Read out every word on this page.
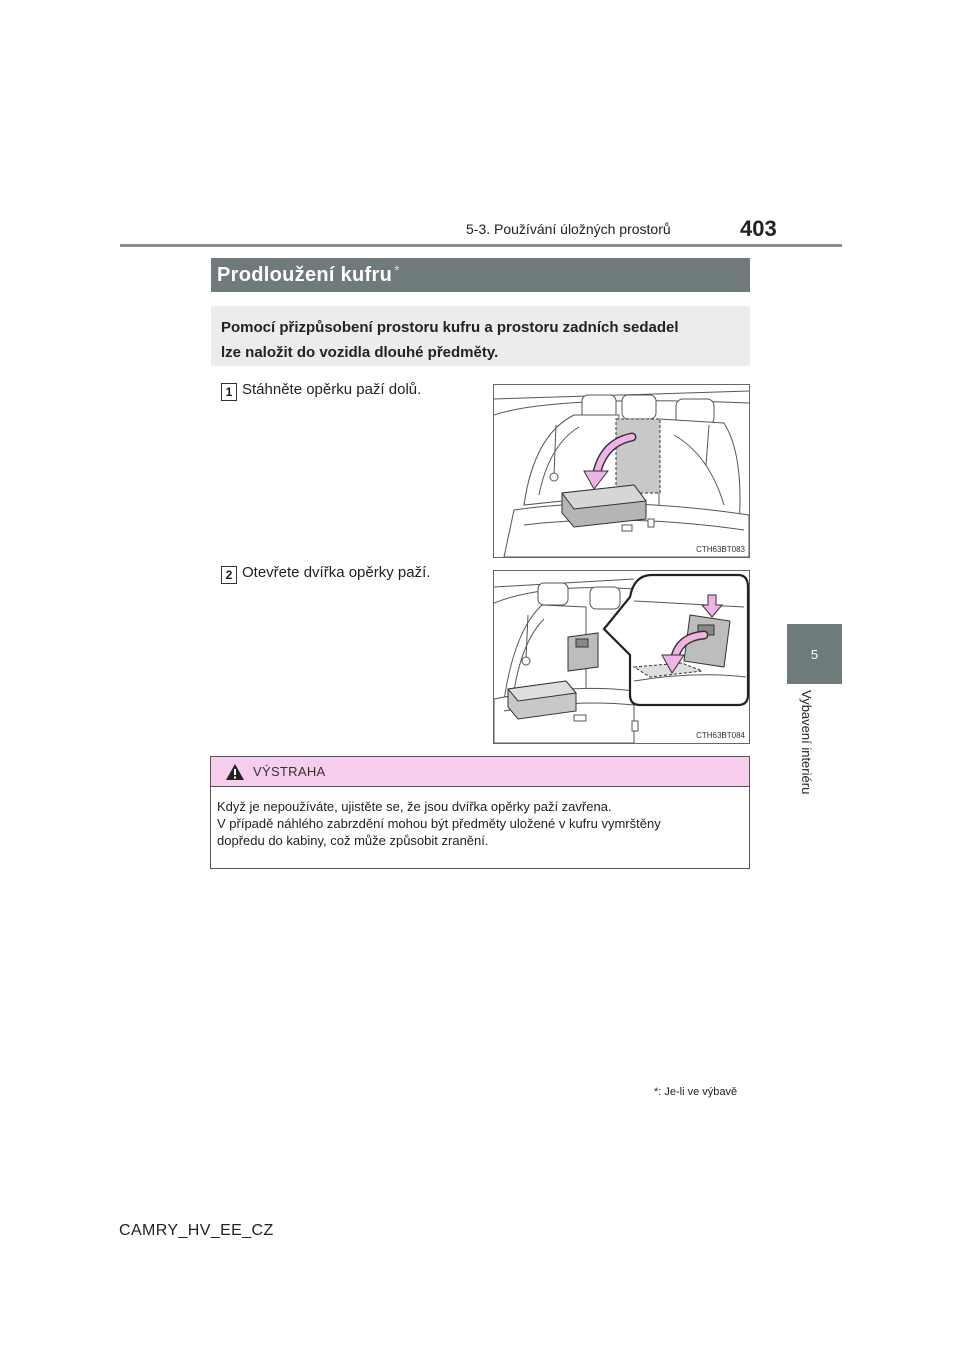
5-3. Používání úložných prostorů	403
5
Vybavení interiéru
Prodloužení kufru *
Pomocí přizpůsobení prostoru kufru a prostoru zadních sedadel
lze naložit do vozidla dlouhé předměty.
1 Stáhněte opěrku paží dolů.
CTH63BT083
2 Otevřete dvířka opěrky paží.
CTH63BT084
VÝSTRAHA
Když je nepoužíváte, ujistěte se, že jsou dvířka opěrky paží zavřena.
V případě náhlého zabrzdění mohou být předměty uložené v kufru vymrštěny
dopředu do kabiny, což může způsobit zranění.
*: Je-li ve výbavě
CAMRY_HV_EE_CZ
